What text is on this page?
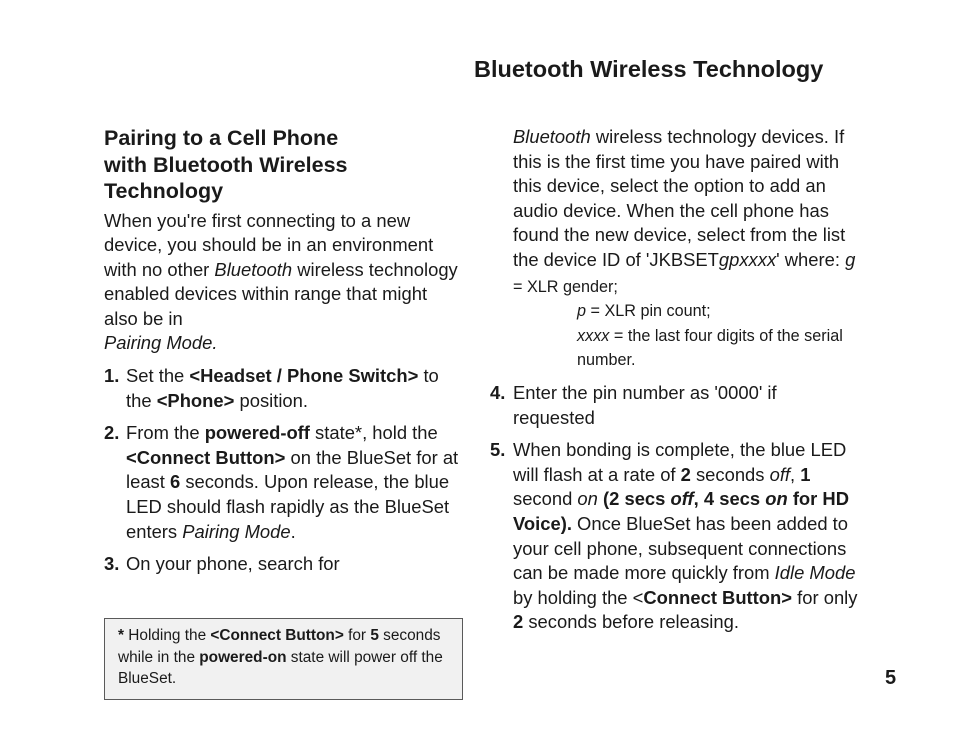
Bluetooth Wireless Technology
Pairing to a Cell Phone
with Bluetooth Wireless
Technology

When you're first connecting to a new device, you should be in an environment with no other Bluetooth wireless technology enabled devices within range that might also be in
Pairing Mode.

1. Set the <Headset / Phone Switch> to the <Phone> position.
2. From the powered-off state*, hold the <Connect Button> on the BlueSet for at least 6 seconds. Upon release, the blue LED should flash rapidly as the BlueSet enters Pairing Mode.
3. On your phone, search for
* Holding the <Connect Button> for 5 seconds while in the powered-on state will power off the BlueSet.
Bluetooth wireless technology devices. If this is the first time you have paired with this device, select the option to add an audio device. When the cell phone has found the new device, select from the list the device ID of 'JKBSETgpxxxx' where: g = XLR gender;
p = XLR pin count;
xxxx = the last four digits of the serial number.
4. Enter the pin number as '0000' if requested
5. When bonding is complete, the blue LED will flash at a rate of 2 seconds off, 1 second on (2 secs off, 4 secs on for HD Voice). Once BlueSet has been added to your cell phone, subsequent connections can be made more quickly from Idle Mode by holding the <Connect Button> for only 2 seconds before releasing.
5
